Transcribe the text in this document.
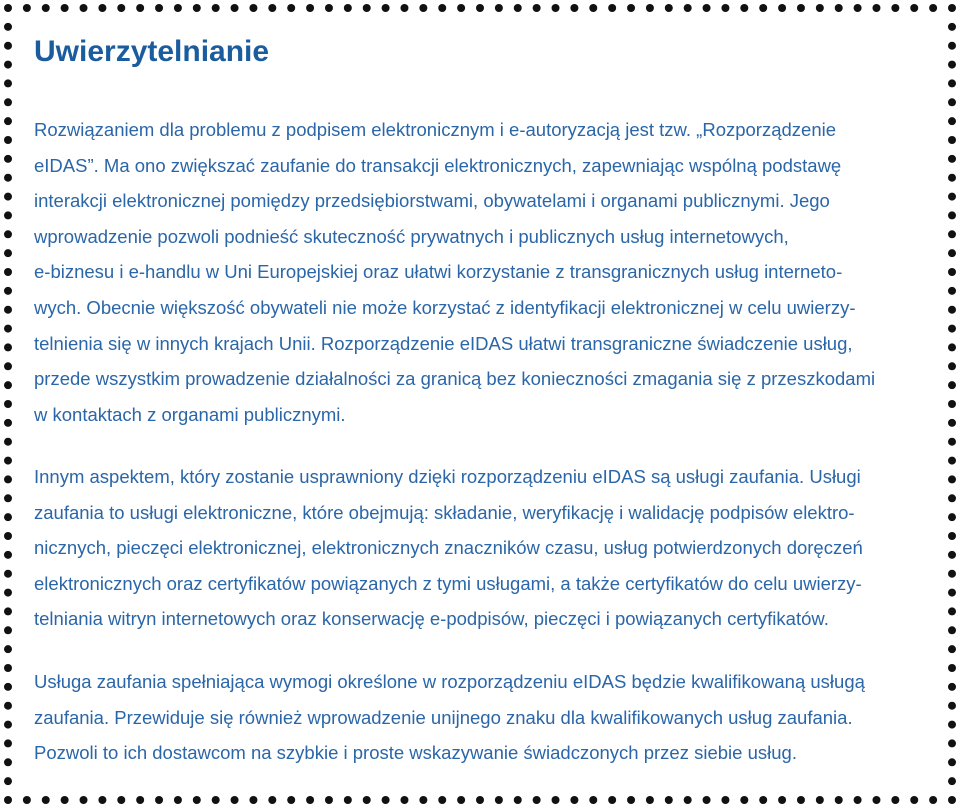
Uwierzytelnianie

Rozwiązaniem dla problemu z podpisem elektronicznym i e-autoryzacją jest tzw. „Rozporządzenie
eIDAS”. Ma ono zwiększać zaufanie do transakcji elektronicznych, zapewniając wspólną podstawę
interakcji elektronicznej pomiędzy przedsiębiorstwami, obywatelami i organami publicznymi. Jego
wprowadzenie pozwoli podnieść skuteczność prywatnych i publicznych usług internetowych,
e-biznesu i e-handlu w Uni Europejskiej oraz ułatwi korzystanie z transgranicznych usług interneto-
wych. Obecnie większość obywateli nie może korzystać z identyfikacji elektronicznej w celu uwierzy-
telnienia się w innych krajach Unii. Rozporządzenie eIDAS ułatwi transgraniczne świadczenie usług,
przede wszystkim prowadzenie działalności za granicą bez konieczności zmagania się z przeszkodami
w kontaktach z organami publicznymi.

Innym aspektem, który zostanie usprawniony dzięki rozporządzeniu eIDAS są usługi zaufania. Usługi
zaufania to usługi elektroniczne, które obejmują: składanie, weryfikację i walidację podpisów elektro-
nicznych, pieczęci elektronicznej, elektronicznych znaczników czasu, usług potwierdzonych doręczeń
elektronicznych oraz certyfikatów powiązanych z tymi usługami, a także certyfikatów do celu uwierzy-
telniania witryn internetowych oraz konserwację e-podpisów, pieczęci i powiązanych certyfikatów.

Usługa zaufania spełniająca wymogi określone w rozporządzeniu eIDAS będzie kwalifikowaną usługą
zaufania. Przewiduje się również wprowadzenie unijnego znaku dla kwalifikowanych usług zaufania.
Pozwoli to ich dostawcom na szybkie i proste wskazywanie świadczonych przez siebie usług.
